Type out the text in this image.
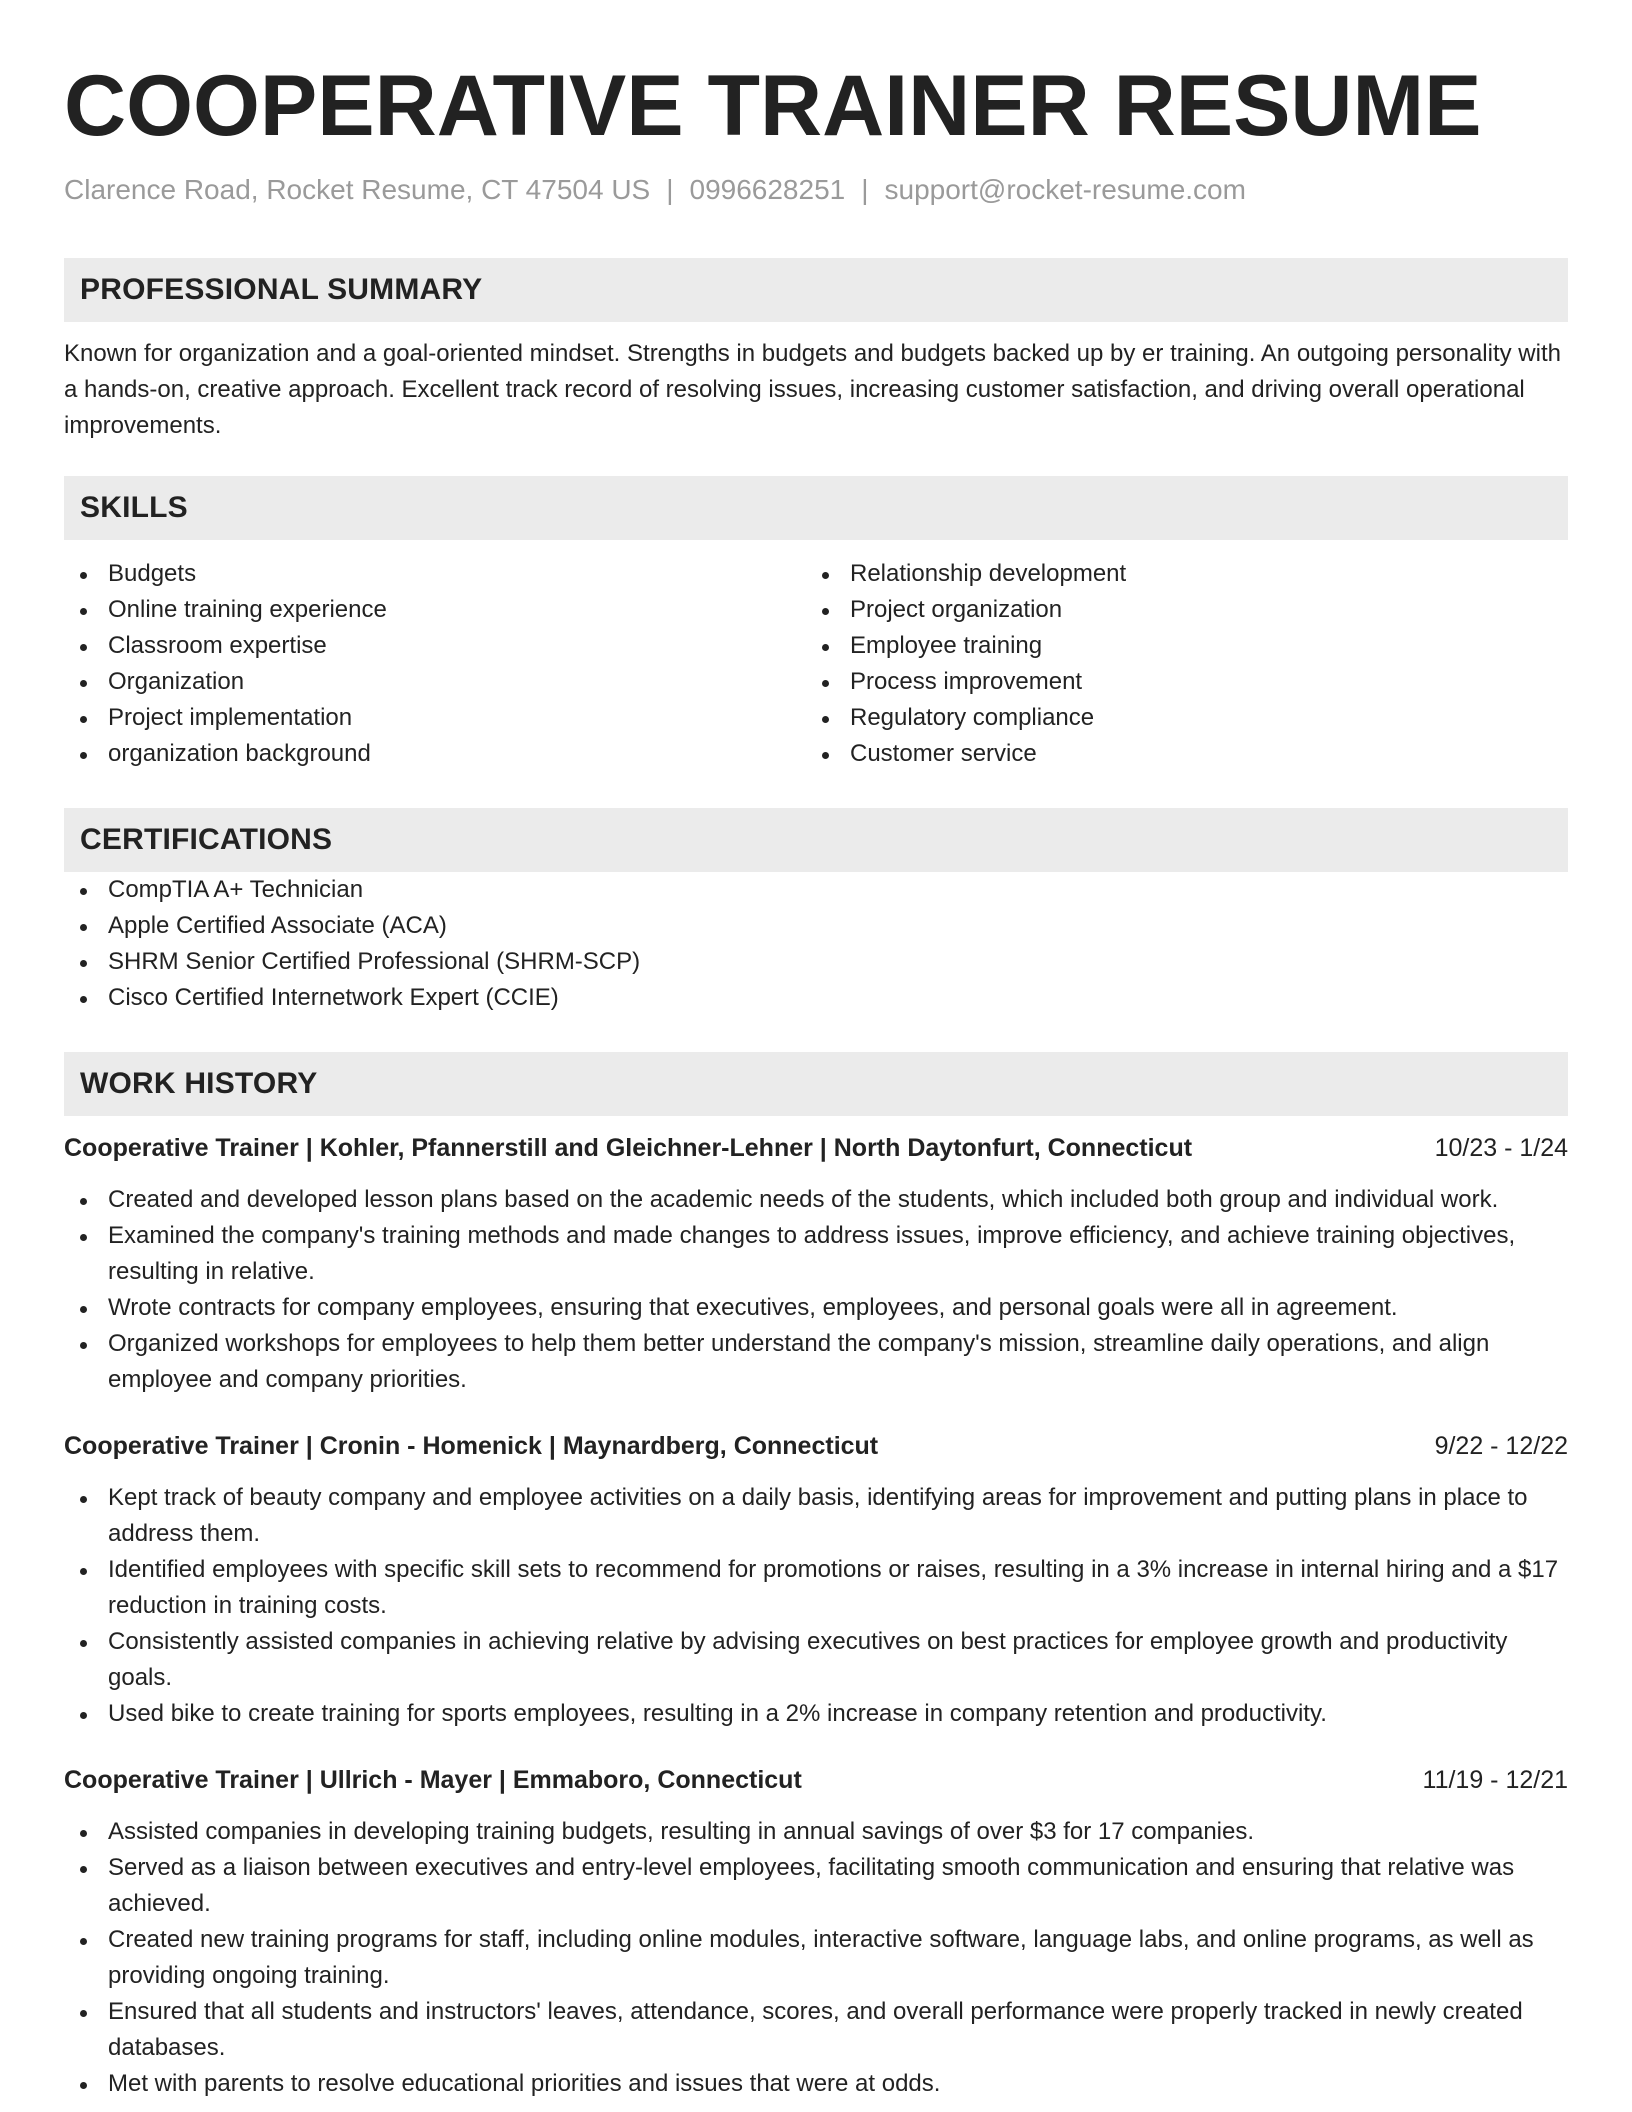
COOPERATIVE TRAINER RESUME
Clarence Road, Rocket Resume, CT 47504 US | 0996628251 | support@rocket-resume.com
PROFESSIONAL SUMMARY
Known for organization and a goal-oriented mindset. Strengths in budgets and budgets backed up by er training. An outgoing personality with a hands-on, creative approach. Excellent track record of resolving issues, increasing customer satisfaction, and driving overall operational improvements.
SKILLS
Budgets
Online training experience
Classroom expertise
Organization
Project implementation
organization background
Relationship development
Project organization
Employee training
Process improvement
Regulatory compliance
Customer service
CERTIFICATIONS
CompTIA A+ Technician
Apple Certified Associate (ACA)
SHRM Senior Certified Professional (SHRM-SCP)
Cisco Certified Internetwork Expert (CCIE)
WORK HISTORY
Cooperative Trainer | Kohler, Pfannerstill and Gleichner-Lehner | North Daytonfurt, Connecticut	10/23 - 1/24
Created and developed lesson plans based on the academic needs of the students, which included both group and individual work.
Examined the company's training methods and made changes to address issues, improve efficiency, and achieve training objectives, resulting in relative.
Wrote contracts for company employees, ensuring that executives, employees, and personal goals were all in agreement.
Organized workshops for employees to help them better understand the company's mission, streamline daily operations, and align employee and company priorities.
Cooperative Trainer | Cronin - Homenick | Maynardberg, Connecticut	9/22 - 12/22
Kept track of beauty company and employee activities on a daily basis, identifying areas for improvement and putting plans in place to address them.
Identified employees with specific skill sets to recommend for promotions or raises, resulting in a 3% increase in internal hiring and a $17 reduction in training costs.
Consistently assisted companies in achieving relative by advising executives on best practices for employee growth and productivity goals.
Used bike to create training for sports employees, resulting in a 2% increase in company retention and productivity.
Cooperative Trainer | Ullrich - Mayer | Emmaboro, Connecticut	11/19 - 12/21
Assisted companies in developing training budgets, resulting in annual savings of over $3 for 17 companies.
Served as a liaison between executives and entry-level employees, facilitating smooth communication and ensuring that relative was achieved.
Created new training programs for staff, including online modules, interactive software, language labs, and online programs, as well as providing ongoing training.
Ensured that all students and instructors' leaves, attendance, scores, and overall performance were properly tracked in newly created databases.
Met with parents to resolve educational priorities and issues that were at odds.
